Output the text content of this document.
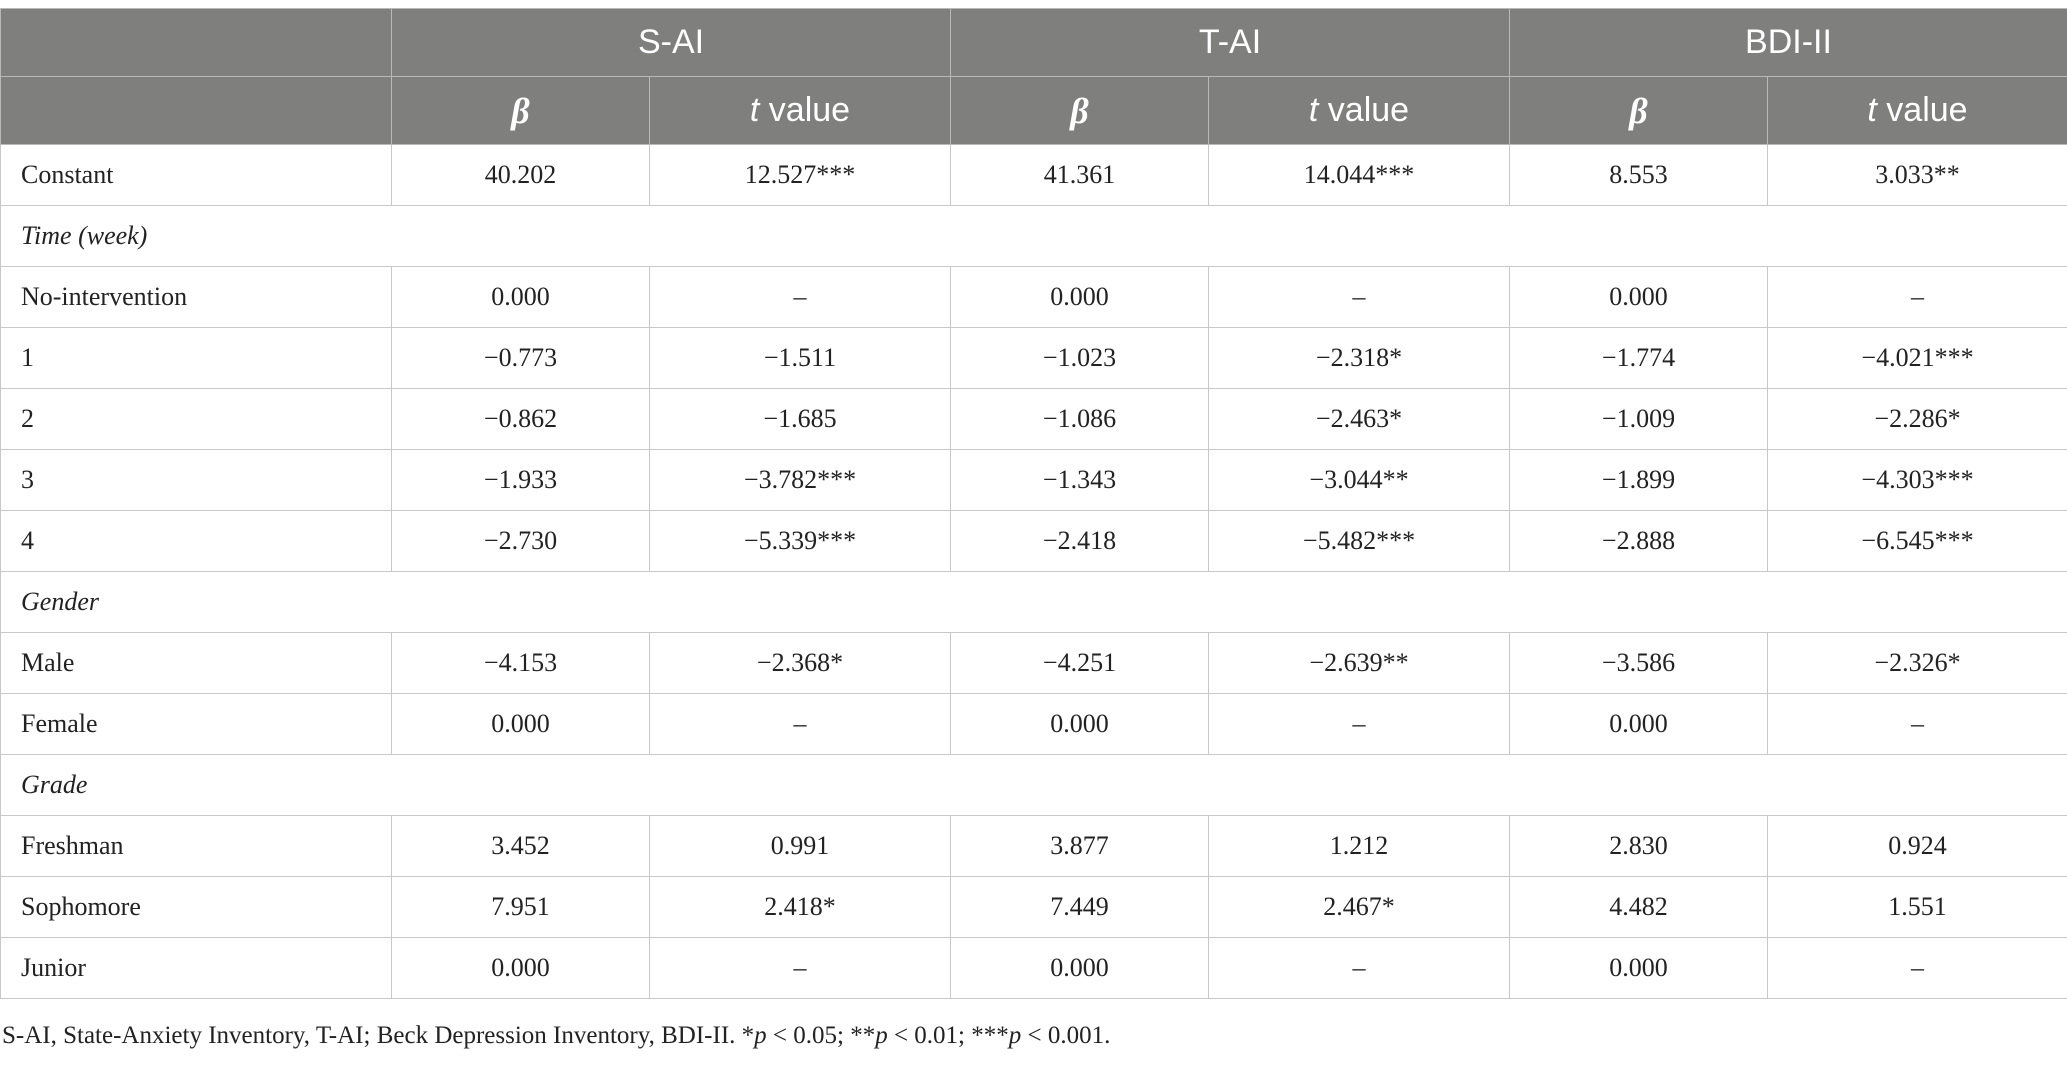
	S-AI		T-AI		BDI-II	
	β	t value	β	t value	β	t value
Constant	40.202	12.527***	41.361	14.044***	8.553	3.033**
Time (week)						
No-intervention	0.000	–	0.000	–	0.000	–
1	−0.773	−1.511	−1.023	−2.318*	−1.774	−4.021***
2	−0.862	−1.685	−1.086	−2.463*	−1.009	−2.286*
3	−1.933	−3.782***	−1.343	−3.044**	−1.899	−4.303***
4	−2.730	−5.339***	−2.418	−5.482***	−2.888	−6.545***
Gender						
Male	−4.153	−2.368*	−4.251	−2.639**	−3.586	−2.326*
Female	0.000	–	0.000	–	0.000	–
Grade						
Freshman	3.452	0.991	3.877	1.212	2.830	0.924
Sophomore	7.951	2.418*	7.449	2.467*	4.482	1.551
Junior	0.000	–	0.000	–	0.000	–
S-AI, State-Anxiety Inventory, T-AI; Beck Depression Inventory, BDI-II. *p < 0.05; **p < 0.01; ***p < 0.001.
